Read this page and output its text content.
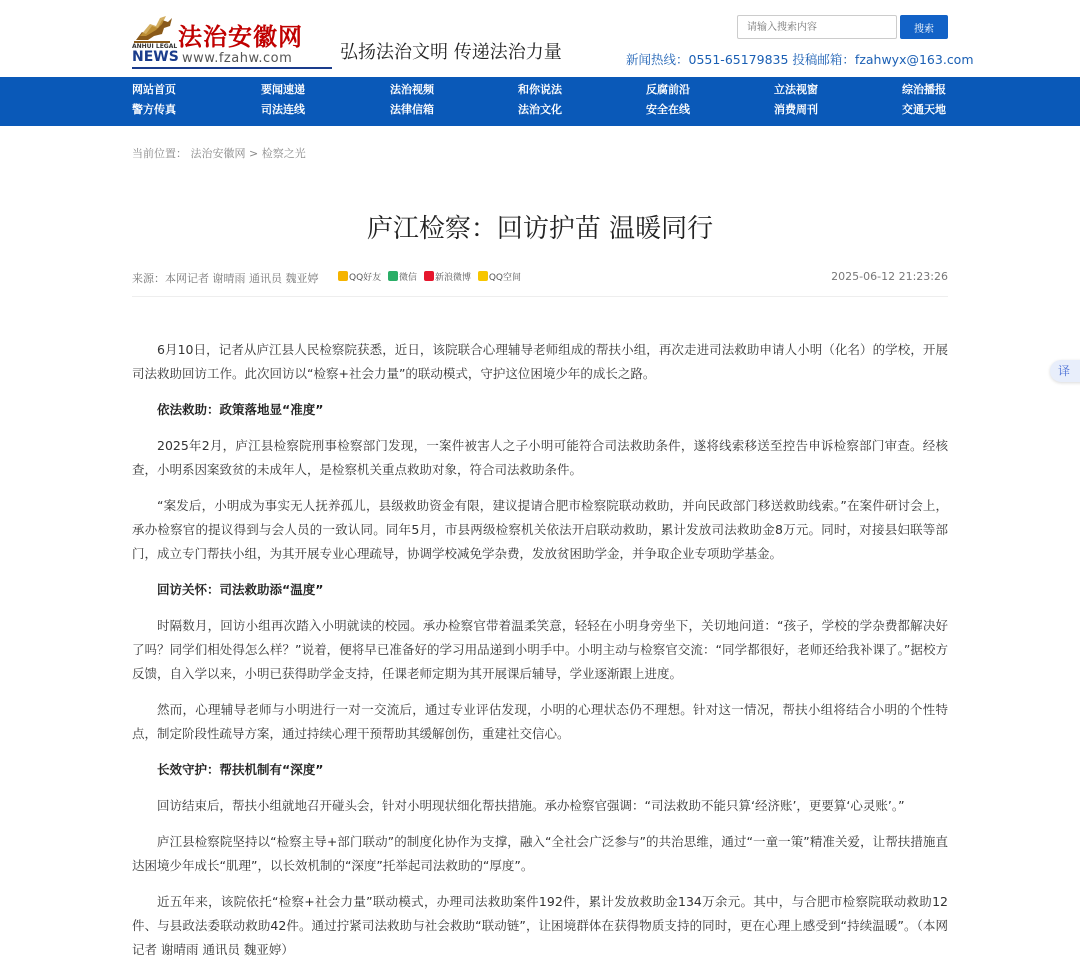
法治安徽网
ANHUI LEGAL
NEWS www.fzahw.com	弘扬法治文明 传递法治力量
请输入搜索内容
搜索
新闻热线：0551-65179835 投稿邮箱：fzahwyx@163.com
网站首页	要闻速递	法治视频	和你说法	反腐前沿	立法视窗	综治播报
警方传真	司法连线	法律信箱	法治文化	安全在线	消费周刊	交通天地
当前位置： 法治安徽网 > 检察之光
庐江检察：回访护苗 温暖同行
来源：本网记者 谢晴雨 通讯员 魏亚婷	QQ好友 微信 新浪微博 QQ空间	2025-06-12 21:23:26

6月10日，记者从庐江县人民检察院获悉，近日，该院联合心理辅导老师组成的帮扶小组，再次走进司法救助申请人小明（化名）的学校，开展司法救助回访工作。此次回访以“检察+社会力量”的联动模式，守护这位困境少年的成长之路。

依法救助：政策落地显“准度”

2025年2月，庐江县检察院刑事检察部门发现，一案件被害人之子小明可能符合司法救助条件，遂将线索移送至控告申诉检察部门审查。经核查，小明系因案致贫的未成年人，是检察机关重点救助对象，符合司法救助条件。

“案发后，小明成为事实无人抚养孤儿，县级救助资金有限，建议提请合肥市检察院联动救助，并向民政部门移送救助线索。”在案件研讨会上，承办检察官的提议得到与会人员的一致认同。同年5月，市县两级检察机关依法开启联动救助，累计发放司法救助金8万元。同时，对接县妇联等部门，成立专门帮扶小组，为其开展专业心理疏导，协调学校减免学杂费，发放贫困助学金，并争取企业专项助学基金。

回访关怀：司法救助添“温度”

时隔数月，回访小组再次踏入小明就读的校园。承办检察官带着温柔笑意，轻轻在小明身旁坐下，关切地问道：“孩子，学校的学杂费都解决好了吗？同学们相处得怎么样？”说着，便将早已准备好的学习用品递到小明手中。小明主动与检察官交流：“同学都很好，老师还给我补课了。”据校方反馈，自入学以来，小明已获得助学金支持，任课老师定期为其开展课后辅导，学业逐渐跟上进度。

然而，心理辅导老师与小明进行一对一交流后，通过专业评估发现，小明的心理状态仍不理想。针对这一情况，帮扶小组将结合小明的个性特点，制定阶段性疏导方案，通过持续心理干预帮助其缓解创伤，重建社交信心。

长效守护：帮扶机制有“深度”

回访结束后，帮扶小组就地召开碰头会，针对小明现状细化帮扶措施。承办检察官强调：“司法救助不能只算‘经济账’，更要算‘心灵账’。”

庐江县检察院坚持以“检察主导+部门联动”的制度化协作为支撑，融入“全社会广泛参与”的共治思维，通过“一童一策”精准关爱，让帮扶措施直达困境少年成长“肌理”，以长效机制的“深度”托举起司法救助的“厚度”。

近五年来，该院依托“检察+社会力量”联动模式，办理司法救助案件192件，累计发放救助金134万余元。其中，与合肥市检察院联动救助12件、与县政法委联动救助42件。通过拧紧司法救助与社会救助“联动链”，让困境群体在获得物质支持的同时，更在心理上感受到“持续温暖”。（本网记者 谢晴雨 通讯员 魏亚婷）

译
